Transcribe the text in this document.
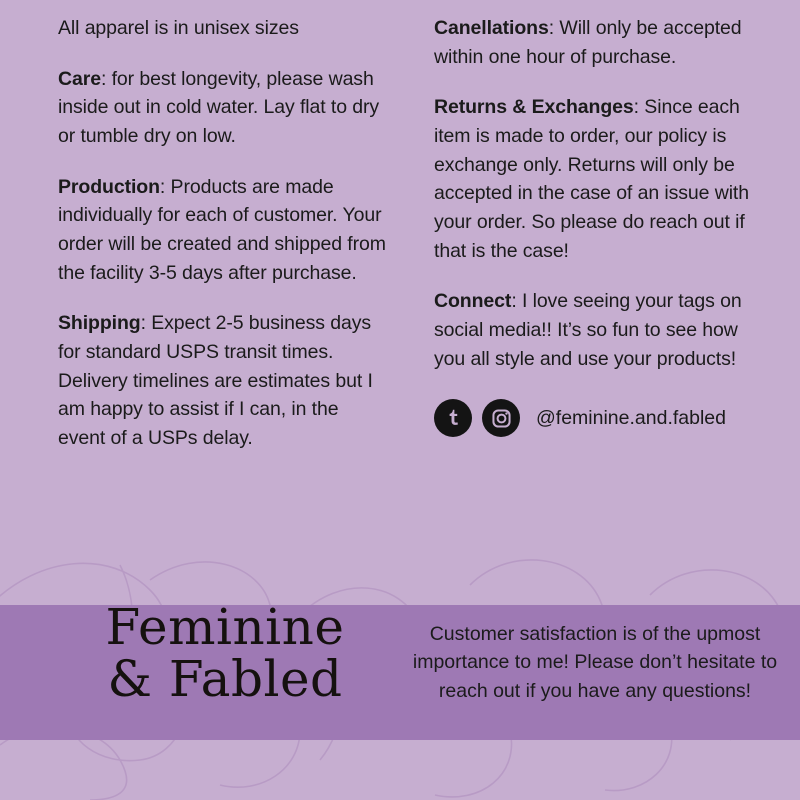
All apparel is in unisex sizes

Care: for best longevity, please wash inside out in cold water. Lay flat to dry or tumble dry on low.

Production: Products are made individually for each of customer. Your order will be created and shipped from the facility 3-5 days after purchase.

Shipping: Expect 2-5 business days for standard USPS transit times. Delivery timelines are estimates but I am happy to assist if I can, in the event of a USPs delay.

Canellations: Will only be accepted within one hour of purchase.

Returns & Exchanges: Since each item is made to order, our policy is exchange only. Returns will only be accepted in the case of an issue with your order. So please do reach out if that is the case!

Connect: I love seeing your tags on social media!! It’s so fun to see how you all style and use your products!

@feminine.and.fabled
Feminine
& Fabled
Customer satisfaction is of the upmost importance to me! Please don’t hesitate to reach out if you have any questions!
